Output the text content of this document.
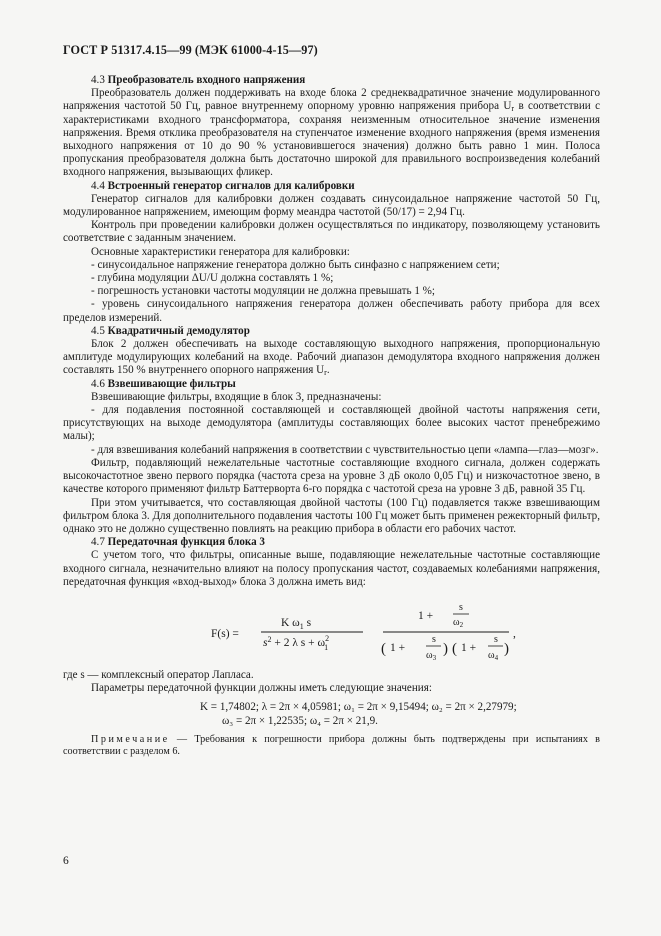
ГОСТ Р 51317.4.15—99 (МЭК 61000-4-15—97)

4.3 Преобразователь входного напряжения

Преобразователь должен поддерживать на входе блока 2 среднеквадратичное значение модулированного напряжения частотой 50 Гц, равное внутреннему опорному уровню напряжения прибора $U_r$ в соответствии с характеристиками входного трансформатора, сохраняя неизменным относительное значение изменения напряжения. Время отклика преобразователя на ступенчатое изменение входного напряжения (время изменения выходного напряжения от 10 до 90 % установившегося значения) должно быть равно 1 мин. Полоса пропускания преобразователя должна быть достаточно широкой для правильного воспроизведения колебаний входного напряжения, вызывающих фликер.

4.4 Встроенный генератор сигналов для калибровки

Генератор сигналов для калибровки должен создавать синусоидальное напряжение частотой 50 Гц, модулированное напряжением, имеющим форму меандра частотой (50/17) = 2,94 Гц.

Контроль при проведении калибровки должен осуществляться по индикатору, позволяющему установить соответствие с заданным значением.

Основные характеристики генератора для калибровки:

- синусоидальное напряжение генератора должно быть синфазно с напряжением сети;

- глубина модуляции ΔU/U должна составлять 1 %;

- погрешность установки частоты модуляции не должна превышать 1 %;

- уровень синусоидального напряжения генератора должен обеспечивать работу прибора для всех пределов измерений.

4.5 Квадратичный демодулятор

Блок 2 должен обеспечивать на выходе составляющую выходного напряжения, пропорциональную амплитуде модулирующих колебаний на входе. Рабочий диапазон демодулятора входного напряжения должен составлять 150 % внутреннего опорного напряжения $U_r$.

4.6 Взвешивающие фильтры

Взвешивающие фильтры, входящие в блок 3, предназначены:

- для подавления постоянной составляющей и составляющей двойной частоты напряжения сети, присутствующих на выходе демодулятора (амплитуды составляющих более высоких частот пренебрежимо малы);

- для взвешивания колебаний напряжения в соответствии с чувствительностью цепи «лампа—глаз—мозг».

Фильтр, подавляющий нежелательные частотные составляющие входного сигнала, должен содержать высокочастотное звено первого порядка (частота среза на уровне 3 дБ около 0,05 Гц) и низкочастотное звено, в качестве которого применяют фильтр Баттерворта 6-го порядка с частотой среза на уровне 3 дБ, равной 35 Гц.

При этом учитывается, что составляющая двойной частоты (100 Гц) подавляется также взвешивающим фильтром блока 3. Для дополнительного подавления частоты 100 Гц может быть применен режекторный фильтр, однако это не должно существенно повлиять на реакцию прибора в области его рабочих частот.

4.7 Передаточная функция блока 3

С учетом того, что фильтры, описанные выше, подавляющие нежелательные частотные составляющие входного сигнала, незначительно влияют на полосу пропускания частот, создаваемых колебаниями напряжения, передаточная функция «вход-выход» блока 3 должна иметь вид:

F(s) =
K $\omega_1$ s
$s^2 + 2$ λ $s + \omega^2$ 1
1 +
s
$\omega_2$
( 1 +
s
$\omega_3$
) ( 1 +
s
$\omega_4$
)
,

где s — комплексный оператор Лапласа.

Параметры передаточной функции должны иметь следующие значения:

K = 1,74802; λ = 2π × 4,05981; ω₁ = 2π × 9,15494; ω₂ = 2π × 2,27979;
ω₃ = 2π × 1,22535; ω₄ = 2π × 21,9.

Примечание — Требования к погрешности прибора должны быть подтверждены при испытаниях в соответствии с разделом 6.

6
